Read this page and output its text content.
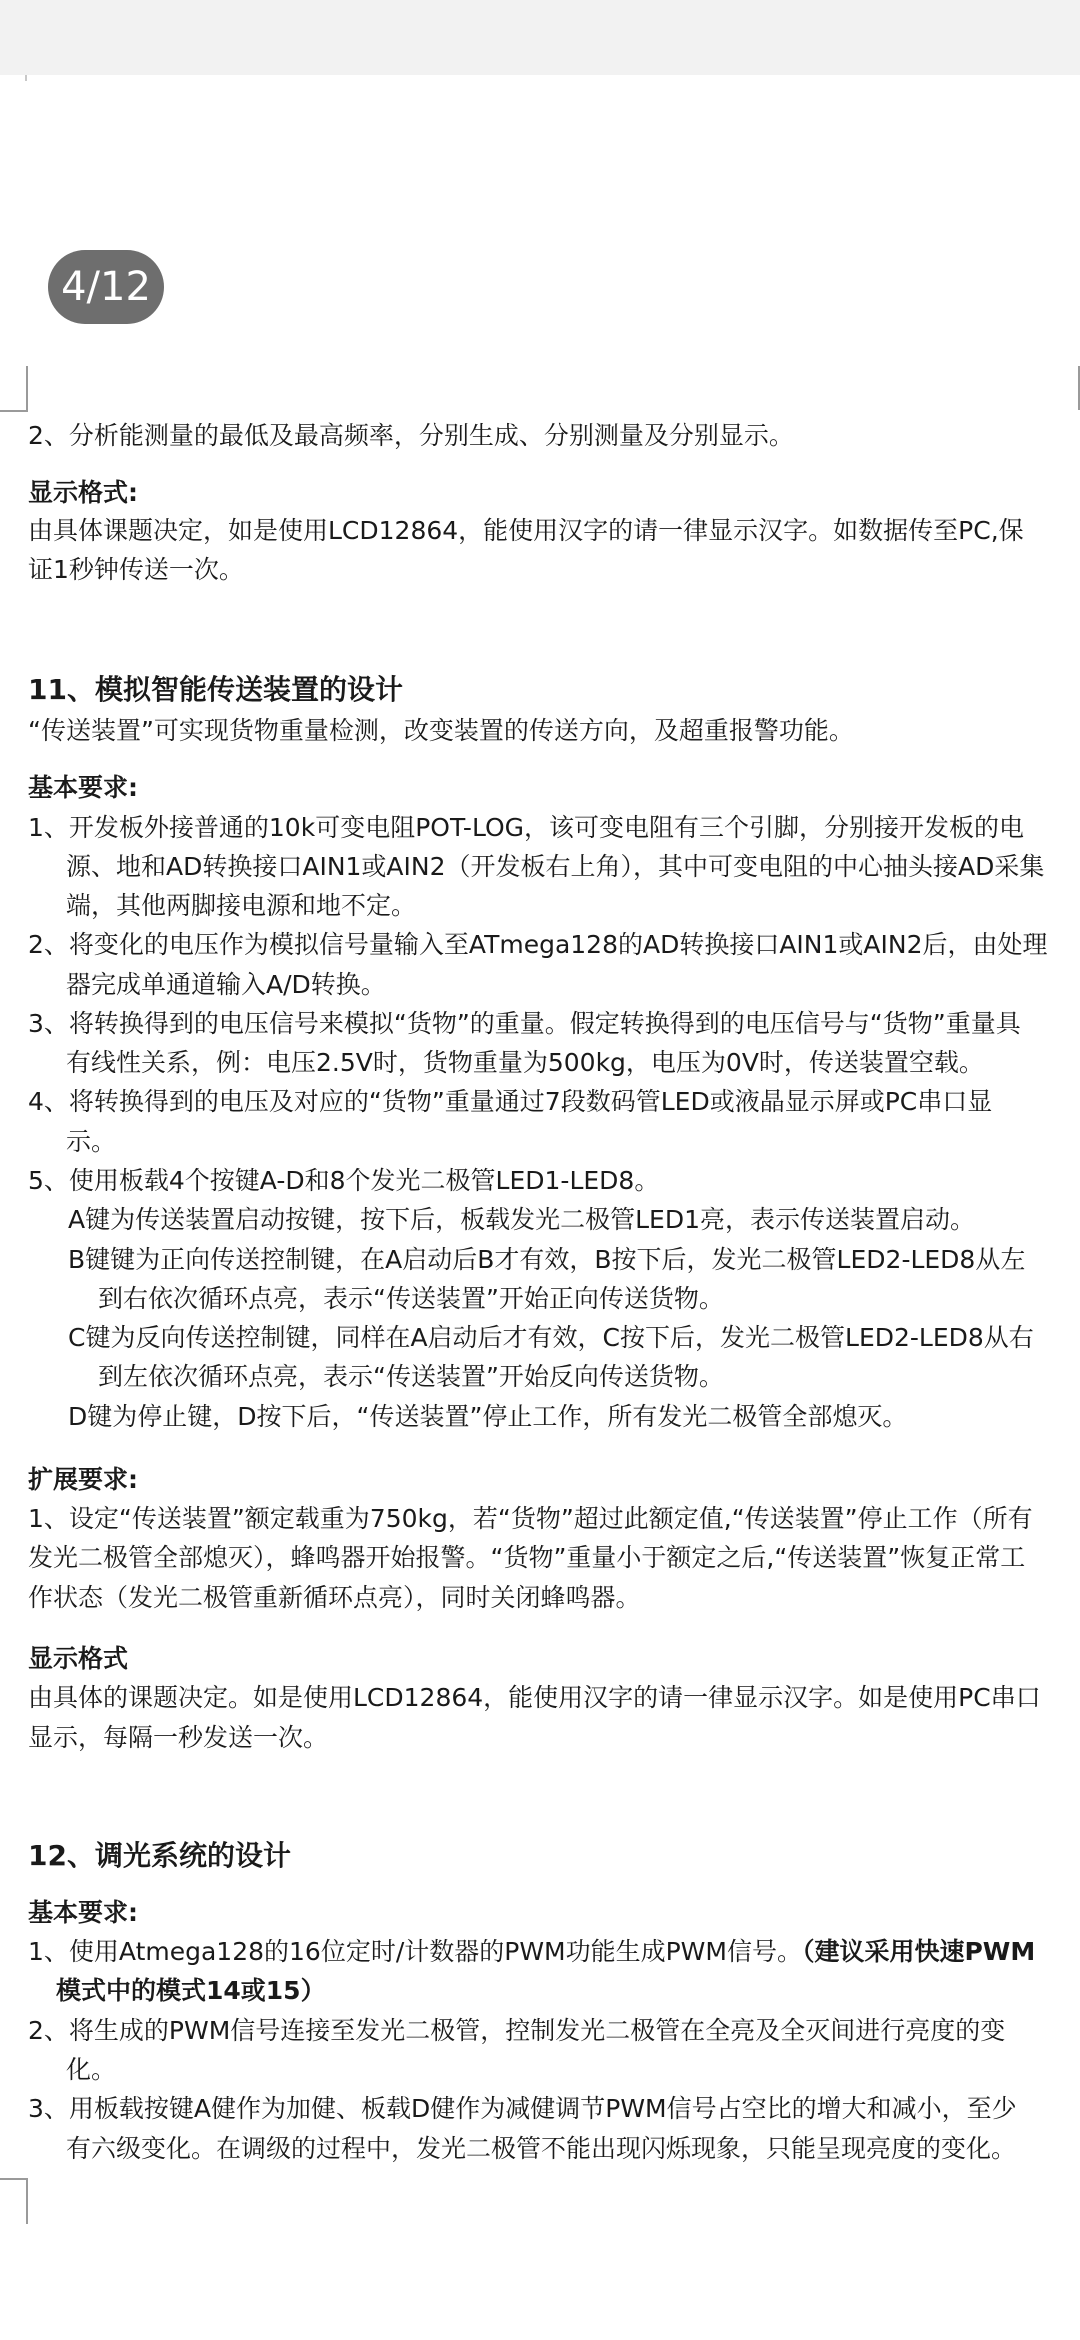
4/12
2、分析能测量的最低及最高频率，分别生成、分别测量及分别显示。
显示格式:
由具体课题决定，如是使用LCD12864，能使用汉字的请一律显示汉字。如数据传至PC,保
证1秒钟传送一次。
11、模拟智能传送装置的设计
“传送装置”可实现货物重量检测，改变装置的传送方向，及超重报警功能。
基本要求:
1、开发板外接普通的10k可变电阻POT-LOG，该可变电阻有三个引脚，分别接开发板的电
源、地和AD转换接口AIN1或AIN2（开发板右上角），其中可变电阻的中心抽头接AD采集
端，其他两脚接电源和地不定。
2、将变化的电压作为模拟信号量输入至ATmega128的AD转换接口AIN1或AIN2后，由处理
器完成单通道输入A/D转换。
3、将转换得到的电压信号来模拟“货物”的重量。假定转换得到的电压信号与“货物”重量具
有线性关系，例：电压2.5V时，货物重量为500kg，电压为0V时，传送装置空载。
4、将转换得到的电压及对应的“货物”重量通过7段数码管LED或液晶显示屏或PC串口显
示。
5、使用板载4个按键A-D和8个发光二极管LED1-LED8。
A键为传送装置启动按键，按下后，板载发光二极管LED1亮，表示传送装置启动。
B键键为正向传送控制键，在A启动后B才有效，B按下后，发光二极管LED2-LED8从左
到右依次循环点亮，表示“传送装置”开始正向传送货物。
C键为反向传送控制键，同样在A启动后才有效，C按下后，发光二极管LED2-LED8从右
到左依次循环点亮，表示“传送装置”开始反向传送货物。
D键为停止键，D按下后，“传送装置”停止工作，所有发光二极管全部熄灭。
扩展要求:
1、设定“传送装置”额定载重为750kg，若“货物”超过此额定值,“传送装置”停止工作（所有
发光二极管全部熄灭），蜂鸣器开始报警。“货物”重量小于额定之后,“传送装置”恢复正常工
作状态（发光二极管重新循环点亮），同时关闭蜂鸣器。
显示格式
由具体的课题决定。如是使用LCD12864，能使用汉字的请一律显示汉字。如是使用PC串口
显示，每隔一秒发送一次。
12、调光系统的设计
基本要求:
1、使用Atmega128的16位定时/计数器的PWM功能生成PWM信号。（建议采用快速PWM
模式中的模式14或15）
2、将生成的PWM信号连接至发光二极管，控制发光二极管在全亮及全灭间进行亮度的变
化。
3、用板载按键A健作为加健、板载D健作为减健调节PWM信号占空比的增大和减小，至少
有六级变化。在调级的过程中，发光二极管不能出现闪烁现象，只能呈现亮度的变化。
